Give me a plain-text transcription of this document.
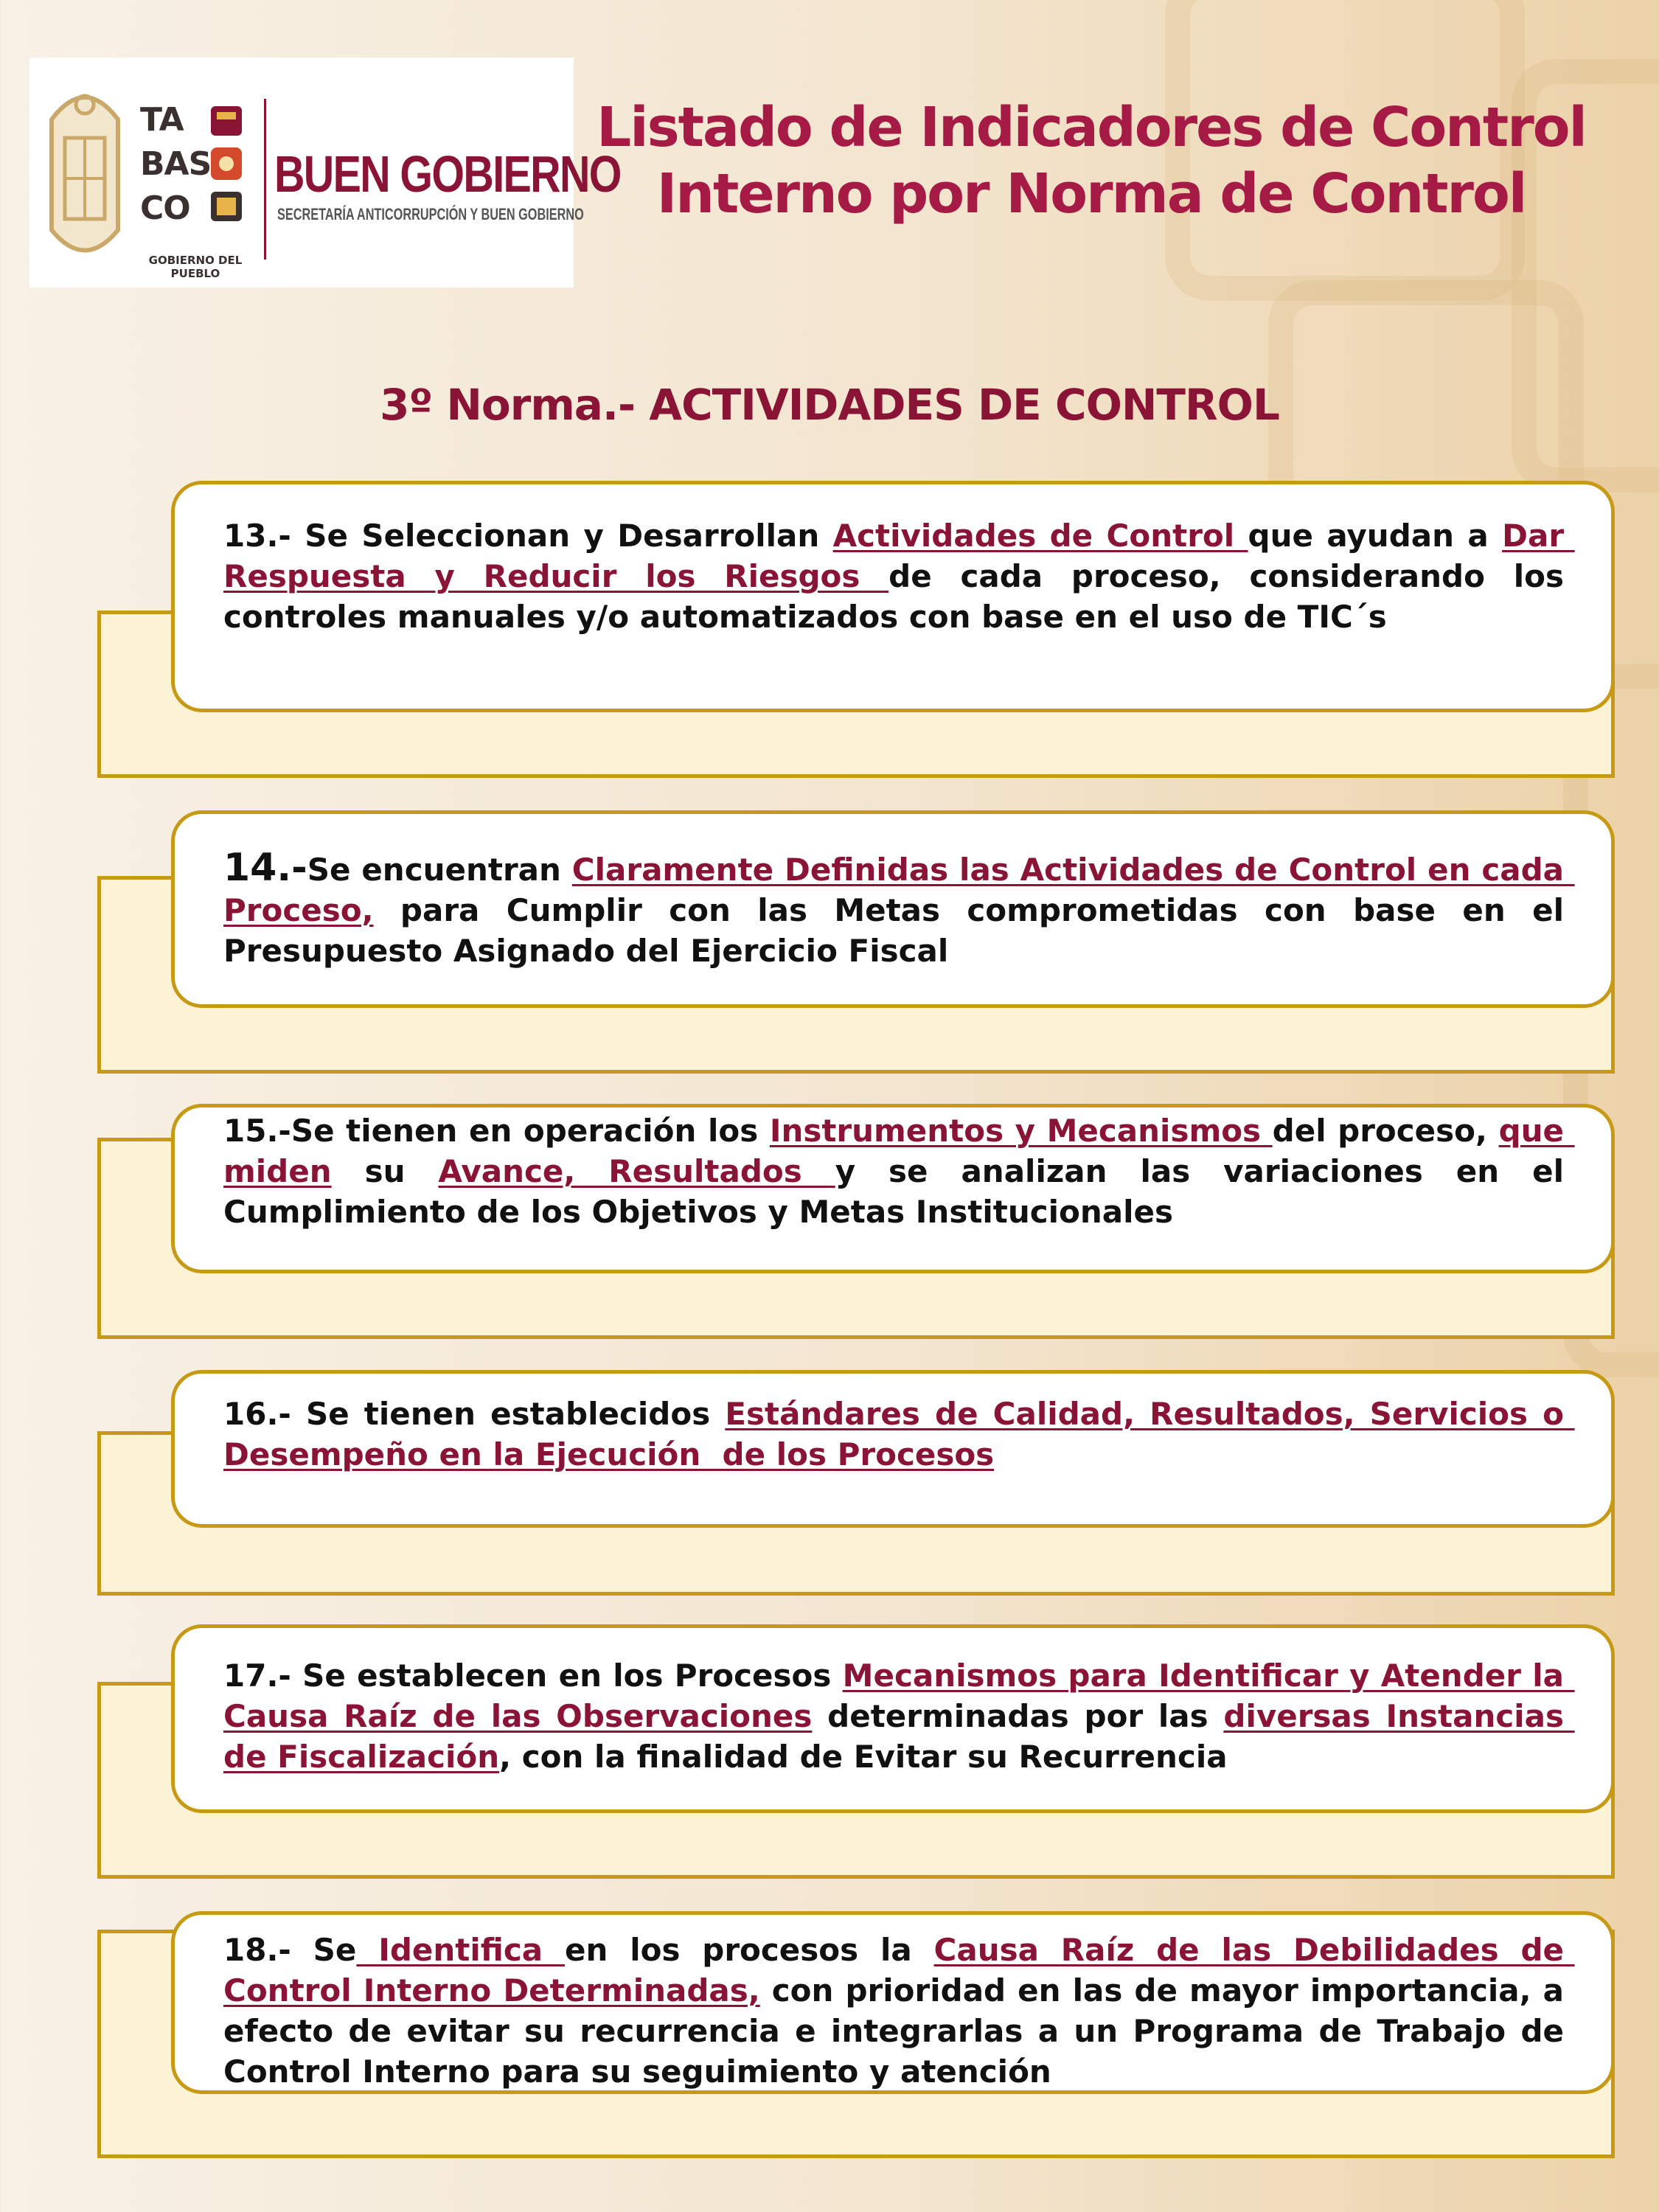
TA
BAS
CO
GOBIERNO DEL PUEBLO
BUEN GOBIERNO
SECRETARÍA ANTICORRUPCIÓN Y BUEN GOBIERNO
Listado de Indicadores de Control Interno por Norma de Control
3º Norma.- ACTIVIDADES DE CONTROL
13.- Se Seleccionan y Desarrollan Actividades de Control que ayudan a Dar Respuesta y Reducir los Riesgos de cada proceso, considerando los controles manuales y/o automatizados con base en el uso de TIC´s
14.-Se encuentran Claramente Definidas las Actividades de Control en cada Proceso, para Cumplir con las Metas comprometidas con base en el Presupuesto Asignado del Ejercicio Fiscal
15.-Se tienen en operación los Instrumentos y Mecanismos del proceso, que miden su Avance, Resultados y se analizan las variaciones en el Cumplimiento de los Objetivos y Metas Institucionales
16.- Se tienen establecidos Estándares de Calidad, Resultados, Servicios o Desempeño en la Ejecución  de los Procesos
17.- Se establecen en los Procesos Mecanismos para Identificar y Atender la Causa Raíz de las Observaciones determinadas por las diversas Instancias de Fiscalización, con la finalidad de Evitar su Recurrencia
18.- Se Identifica en los procesos la Causa Raíz de las Debilidades de Control Interno Determinadas, con prioridad en las de mayor importancia, a efecto de evitar su recurrencia e integrarlas a un Programa de Trabajo de Control Interno para su seguimiento y atención
